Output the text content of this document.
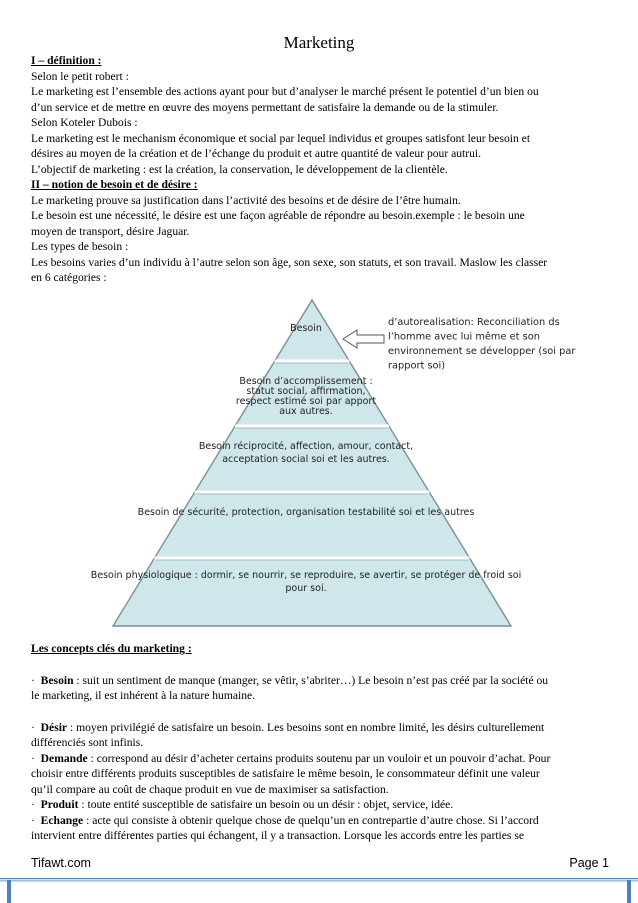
Marketing

I – définition :

Selon le petit robert :

Le marketing est l’ensemble des actions ayant pour but d’analyser le marché présent le potentiel d’un bien ou

d’un service et de mettre en œuvre des moyens permettant de satisfaire la demande ou de la stimuler.

Selon Koteler Dubois :

Le marketing est le mechanism économique et social par lequel individus et groupes satisfont leur besoin et

désires au moyen de la création et de l’échange du produit et autre quantité de valeur pour autrui.

L’objectif de marketing : est la création, la conservation, le développement de la clientèle.

II – notion de besoin et de désire :

Le marketing prouve sa justification dans l’activité des besoins et de désire de l’être humain.

Le besoin est une nécessité, le désire est une façon agréable de répondre au besoin.exemple : le besoin une

moyen de transport, désire Jaguar.

Les types de besoin :

Les besoins varies d’un individu à l’autre selon son âge, son sexe, son statuts, et son travail. Maslow les classer

en 6 catégories :

Besoin
Besoin d’accomplissement :
statut social, affirmation,
respect estimé soi par apport
aux autres.
Besoin réciprocité, affection, amour, contact,
acceptation social soi et les autres.
Besoin de sécurité, protection, organisation testabilité soi et les autres
Besoin physiologique : dormir, se nourrir, se reproduire, se avertir, se protéger de froid soi
pour soi.
d’autorealisation: Reconciliation ds
l’homme avec lui même et son
environnement se développer (soi par
rapport soi)

Les concepts clés du marketing :

· Besoin : suit un sentiment de manque (manger, se vêtir, s’abriter…) Le besoin n’est pas créé par la société ou

le marketing, il est inhérent à la nature humaine.

· Désir : moyen privilégié de satisfaire un besoin. Les besoins sont en nombre limité, les désirs culturellement

différenciés sont infinis.

· Demande : correspond au désir d’acheter certains produits soutenu par un vouloir et un pouvoir d’achat. Pour

choisir entre différents produits susceptibles de satisfaire le même besoin, le consommateur définit une valeur

qu’il compare au coût de chaque produit en vue de maximiser sa satisfaction.

· Produit : toute entité susceptible de satisfaire un besoin ou un désir : objet, service, idée.

· Echange : acte qui consiste à obtenir quelque chose de quelqu’un en contrepartie d’autre chose. Si l’accord

intervient entre différentes parties qui échangent, il y a transaction. Lorsque les accords entre les parties se

Tifawt.com	Page 1
